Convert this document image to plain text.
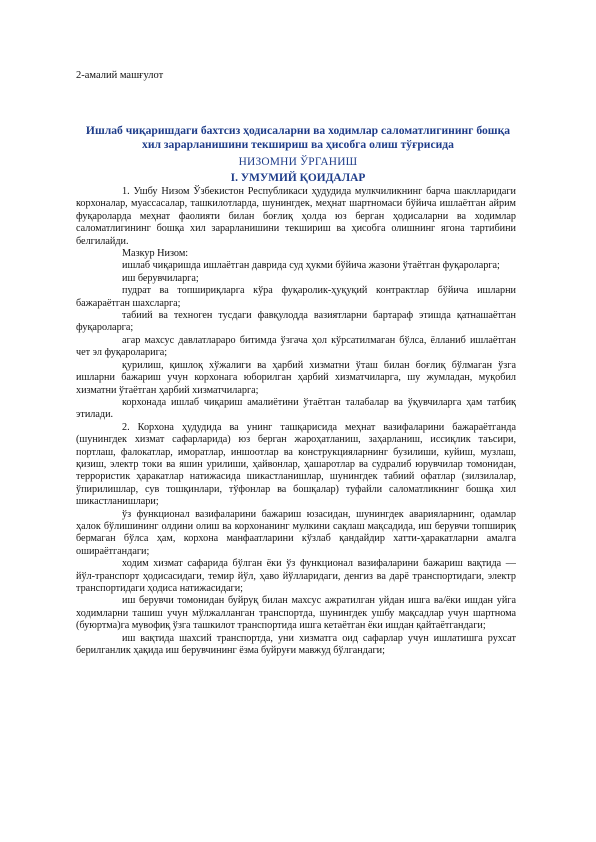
2-амалий машғулот
Ишлаб чиқаришдаги бахтсиз ҳодисаларни ва ходимлар саломатлигининг бошқа хил зарарланишини текшириш ва ҳисобга олиш тўғрисида
НИЗОМНИ ЎРГАНИШ
I. УМУМИЙ ҚОИДАЛАР

1. Ушбу Низом Ўзбекистон Республикаси ҳудудида мулкчиликнинг барча шаклларидаги корхоналар, муассасалар, ташкилотларда, шунингдек, меҳнат шартномаси бўйича ишлаётган айрим фуқароларда меҳнат фаолияти билан боғлиқ ҳолда юз берган ҳодисаларни ва ходимлар саломатлигининг бошқа хил зарарланишини текшириш ва ҳисобга олишнинг ягона тартибини белгилайди.

Мазкур Низом:

ишлаб чиқаришда ишлаётган даврида суд ҳукми бўйича жазони ўтаётган фуқароларга;

иш берувчиларга;

пудрат ва топшириқларга кўра фуқаролик-ҳуқуқий контрактлар бўйича ишларни бажараётган шахсларга;

табиий ва техноген тусдаги фавқулодда вазиятларни бартараф этишда қатнашаётган фуқароларга;

агар махсус давлатлараро битимда ўзгача ҳол кўрсатилмаган бўлса, ёлланиб ишлаётган чет эл фуқароларига;

қурилиш, қишлоқ хўжалиги ва ҳарбий хизматни ўташ билан боғлиқ бўлмаган ўзга ишларни бажариш учун корхонага юборилган ҳарбий хизматчиларга, шу жумладан, муқобил хизматни ўтаётган ҳарбий хизматчиларга;

корхонада ишлаб чиқариш амалиётини ўтаётган талабалар ва ўқувчиларга ҳам татбиқ этилади.

2. Корхона ҳудудида ва унинг ташқарисида меҳнат вазифаларини бажараётганда (шунингдек хизмат сафарларида) юз берган жароҳатланиш, заҳарланиш, иссиқлик таъсири, портлаш, фалокатлар, иморатлар, иншоотлар ва конструкцияларнинг бузилиши, куйиш, музлаш, қизиш, электр токи ва яшин урилиши, ҳайвонлар, ҳашаротлар ва судралиб юрувчилар томонидан, террористик ҳаракатлар натижасида шикастланишлар, шунингдек табиий офатлар (зилзилалар, ўпирилишлар, сув тошқинлари, тўфонлар ва бошқалар) туфайли саломатликнинг бошқа хил шикастланишлари;

ўз функционал вазифаларини бажариш юзасидан, шунингдек аварияларнинг, одамлар ҳалок бўлишининг олдини олиш ва корхонанинг мулкини сақлаш мақсадида, иш берувчи топшириқ бермаган бўлса ҳам, корхона манфаатларини кўзлаб қандайдир хатти-ҳаракатларни амалга оширaётгандаги;

ходим хизмат сафарида бўлган ёки ўз функционал вазифаларини бажариш вақтида — йўл-транспорт ҳодисасидаги, темир йўл, ҳаво йўлларидаги, денгиз ва дарё транспортидаги, электр транспортидаги ҳодиса натижасидаги;

иш берувчи томонидан буйруқ билан махсус ажратилган уйдан ишга ва/ёки ишдан уйга ходимларни ташиш учун мўлжалланган транспортда, шунингдек ушбу мақсадлар учун шартнома (буюртма)га мувофиқ ўзга ташкилот транспортида ишга кетаётган ёки ишдан қайтаётгандаги;

иш вақтида шахсий транспортда, уни хизматга оид сафарлар учун ишлатишга рухсат берилганлик ҳақида иш берувчининг ёзма буйруғи мавжуд бўлгандаги;
